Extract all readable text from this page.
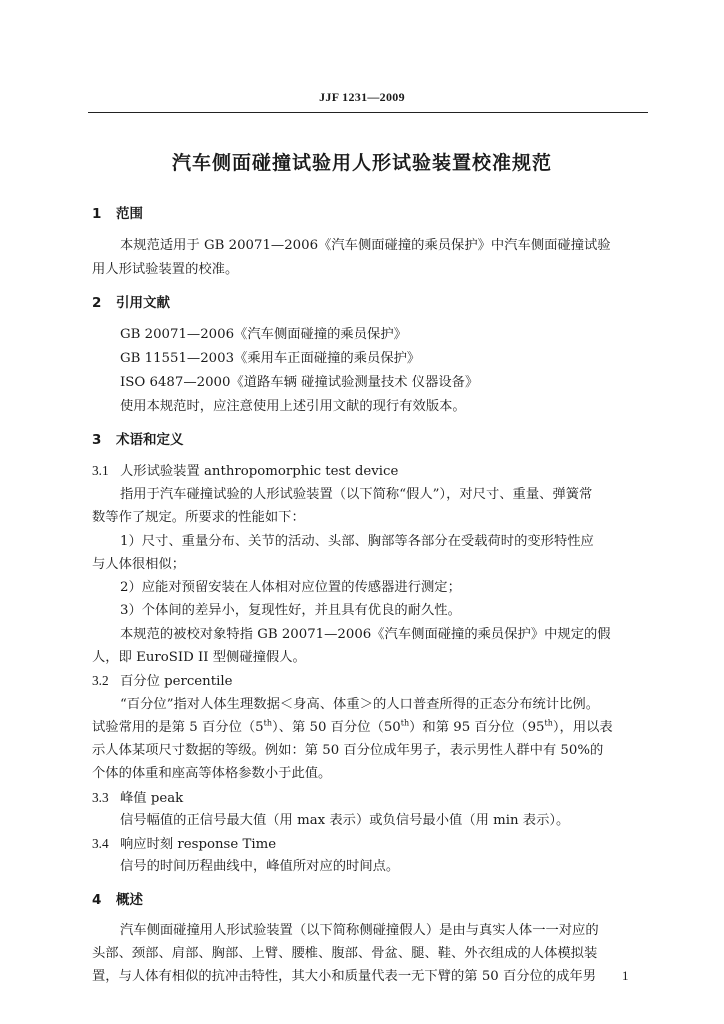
JJF 1231—2009
汽车侧面碰撞试验用人形试验装置校准规范
1 范围
本规范适用于 GB 20071—2006《汽车侧面碰撞的乘员保护》中汽车侧面碰撞试验
用人形试验装置的校准。
2 引用文献
GB 20071—2006《汽车侧面碰撞的乘员保护》
GB 11551—2003《乘用车正面碰撞的乘员保护》
ISO 6487—2000《道路车辆 碰撞试验测量技术 仪器设备》
使用本规范时，应注意使用上述引用文献的现行有效版本。
3 术语和定义
3.1 人形试验装置 anthropomorphic test device
指用于汽车碰撞试验的人形试验装置（以下简称“假人”），对尺寸、重量、弹簧常
数等作了规定。所要求的性能如下：
1）尺寸、重量分布、关节的活动、头部、胸部等各部分在受载荷时的变形特性应
与人体很相似；
2）应能对预留安装在人体相对应位置的传感器进行测定；
3）个体间的差异小，复现性好，并且具有优良的耐久性。
本规范的被校对象特指 GB 20071—2006《汽车侧面碰撞的乘员保护》中规定的假
人，即 EuroSID II 型侧碰撞假人。
3.2 百分位 percentile
“百分位”指对人体生理数据＜身高、体重＞的人口普查所得的正态分布统计比例。
试验常用的是第 5 百分位（5th）、第 50 百分位（50th）和第 95 百分位（95th），用以表
示人体某项尺寸数据的等级。例如：第 50 百分位成年男子，表示男性人群中有 50%的
个体的体重和座高等体格参数小于此值。
3.3 峰值 peak
信号幅值的正信号最大值（用 max 表示）或负信号最小值（用 min 表示）。
3.4 响应时刻 response Time
信号的时间历程曲线中，峰值所对应的时间点。
4 概述
汽车侧面碰撞用人形试验装置（以下简称侧碰撞假人）是由与真实人体一一对应的
头部、颈部、肩部、胸部、上臂、腰椎、腹部、骨盆、腿、鞋、外衣组成的人体模拟装
置，与人体有相似的抗冲击特性，其大小和质量代表一无下臂的第 50 百分位的成年男 1
